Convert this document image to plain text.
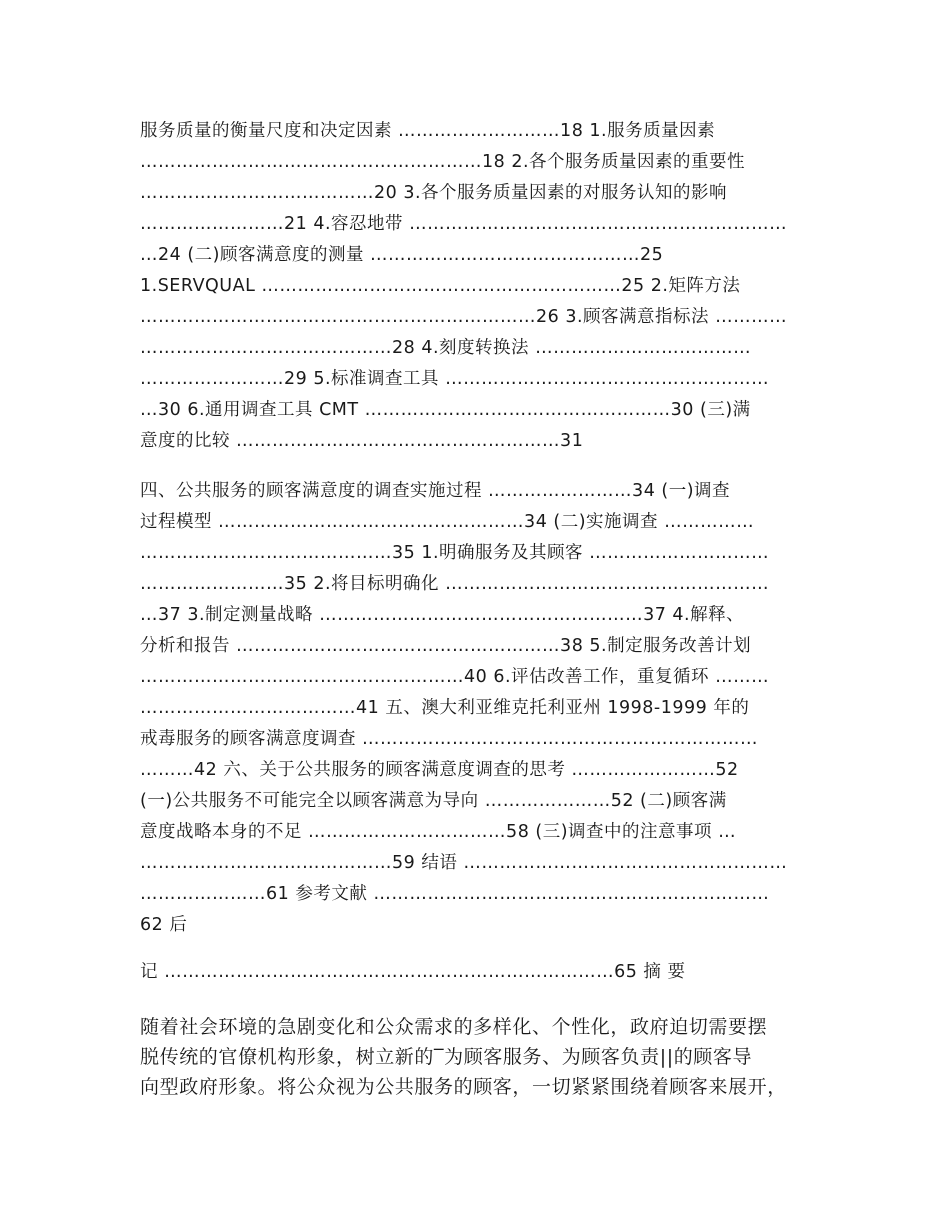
服务质量的衡量尺度和决定因素 ………………………18 1.服务质量因素
…………………………………………………18 2.各个服务质量因素的重要性
…………………………………20 3.各个服务质量因素的对服务认知的影响
……………………21 4.容忍地带 ………………………………………………………
…24 (二)顾客满意度的测量 ………………………………………25
1.SERVQUAL ……………………………………………………25 2.矩阵方法
…………………………………………………………26 3.顾客满意指标法 …………
……………………………………28 4.刻度转换法 ………………………………
……………………29 5.标准调查工具 ………………………………………………
…30 6.通用调查工具 CMT ……………………………………………30 (三)满
意度的比较 ………………………………………………31
四、公共服务的顾客满意度的调查实施过程 ……………………34 (一)调查
过程模型 ……………………………………………34 (二)实施调查 ……………
……………………………………35 1.明确服务及其顾客 …………………………
……………………35 2.将目标明确化 ………………………………………………
…37 3.制定测量战略 ………………………………………………37 4.解释、
分析和报告 ………………………………………………38 5.制定服务改善计划
………………………………………………40 6.评估改善工作，重复循环 ………
………………………………41 五、澳大利亚维克托利亚州 1998-1999 年的
戒毒服务的顾客满意度调查 …………………………………………………………
………42 六、关于公共服务的顾客满意度调查的思考 ……………………52
(一)公共服务不可能完全以顾客满意为导向 …………………52 (二)顾客满
意度战略本身的不足 ……………………………58 (三)调查中的注意事项 …
……………………………………59 结语 ………………………………………………
…………………61 参考文献 …………………………………………………………
62 后
记 …………………………………………………………………65 摘 要
随着社会环境的急剧变化和公众需求的多样化、个性化，政府迫切需要摆
脱传统的官僚机构形象，树立新的‾为顾客服务、为顾客负责||的顾客导
向型政府形象。将公众视为公共服务的顾客，一切紧紧围绕着顾客来展开，
